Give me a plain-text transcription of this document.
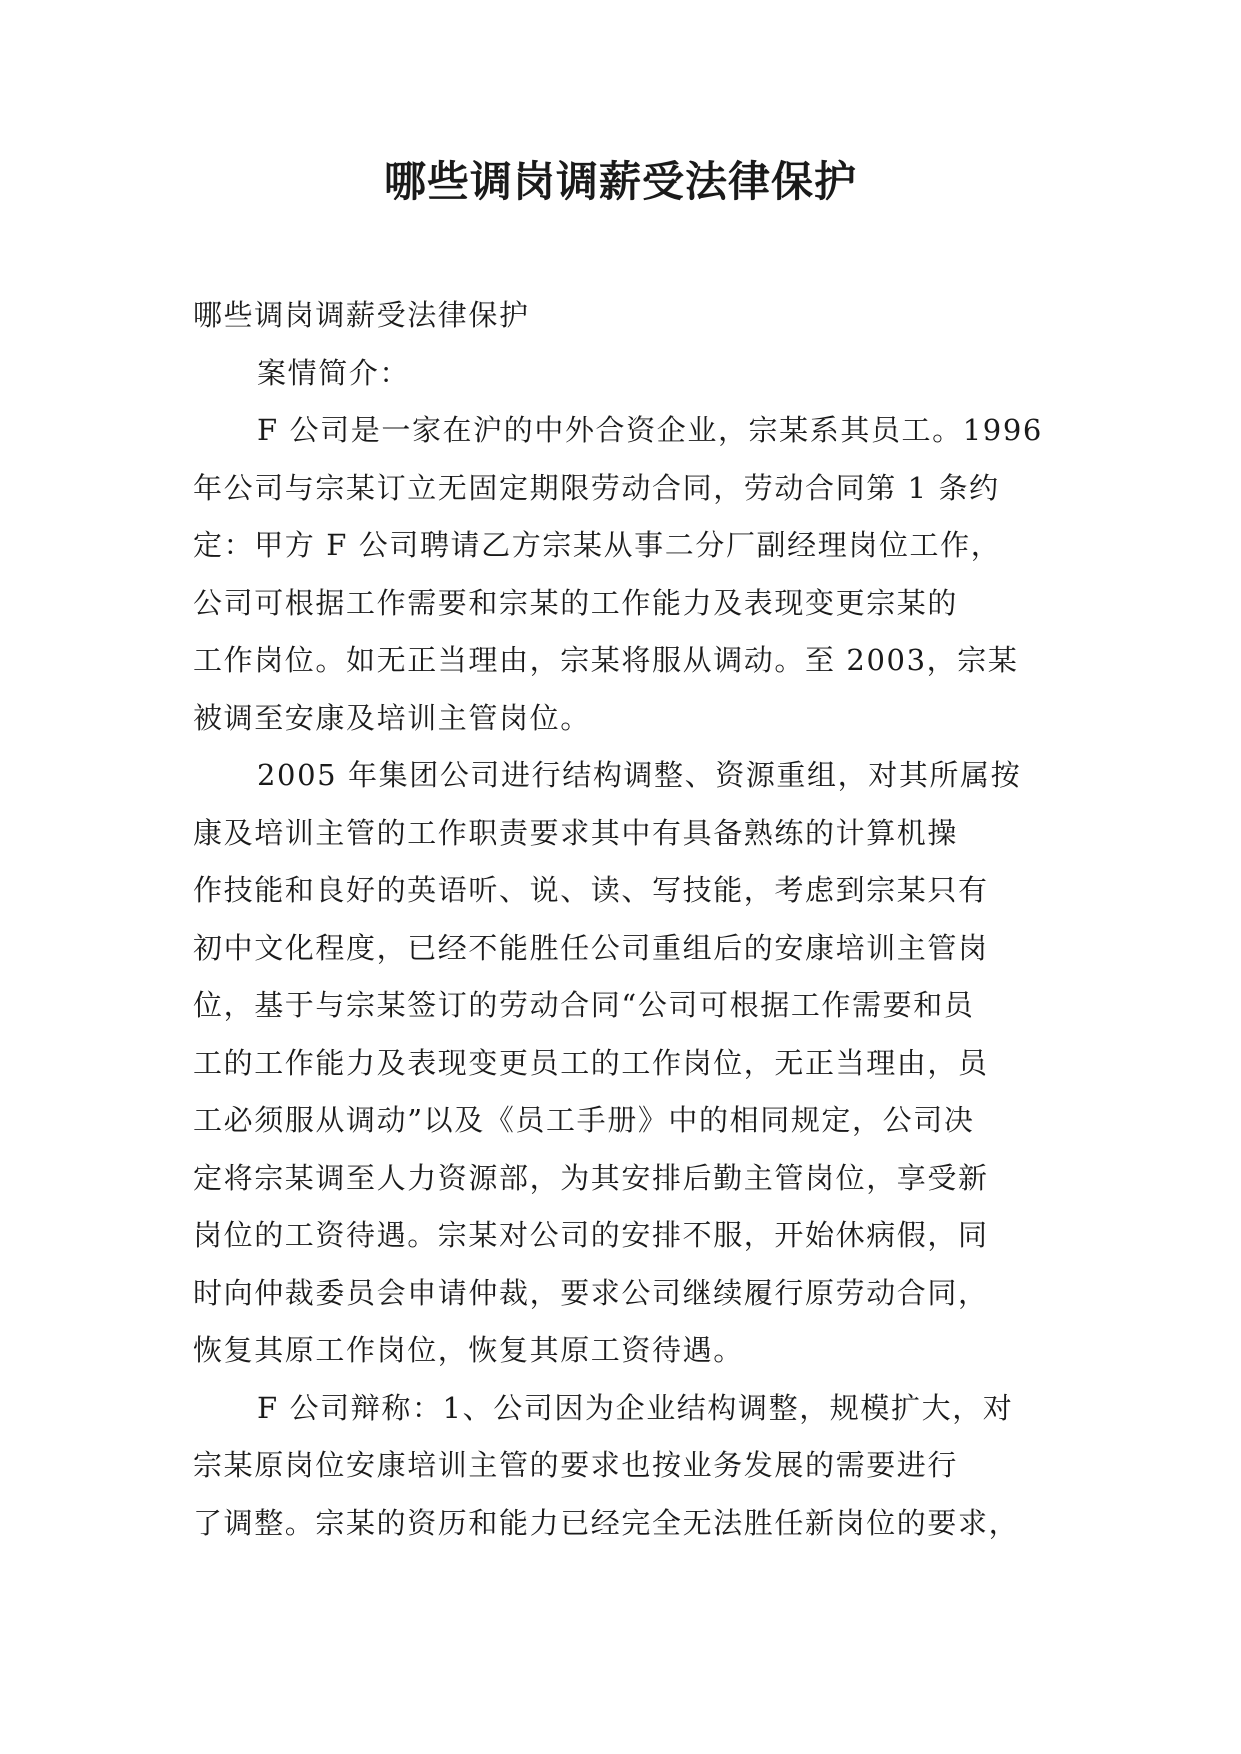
哪些调岗调薪受法律保护
哪些调岗调薪受法律保护
案情简介：
F 公司是一家在沪的中外合资企业，宗某系其员工。1996
年公司与宗某订立无固定期限劳动合同，劳动合同第 1 条约
定：甲方 F 公司聘请乙方宗某从事二分厂副经理岗位工作，
公司可根据工作需要和宗某的工作能力及表现变更宗某的
工作岗位。如无正当理由，宗某将服从调动。至 2003，宗某
被调至安康及培训主管岗位。
2005 年集团公司进行结构调整、资源重组，对其所属按
康及培训主管的工作职责要求其中有具备熟练的计算机操
作技能和良好的英语听、说、读、写技能，考虑到宗某只有
初中文化程度，已经不能胜任公司重组后的安康培训主管岗
位，基于与宗某签订的劳动合同“公司可根据工作需要和员
工的工作能力及表现变更员工的工作岗位，无正当理由，员
工必须服从调动”以及《员工手册》中的相同规定，公司决
定将宗某调至人力资源部，为其安排后勤主管岗位，享受新
岗位的工资待遇。宗某对公司的安排不服，开始休病假，同
时向仲裁委员会申请仲裁，要求公司继续履行原劳动合同，
恢复其原工作岗位，恢复其原工资待遇。
F 公司辩称：1、公司因为企业结构调整，规模扩大，对
宗某原岗位安康培训主管的要求也按业务发展的需要进行
了调整。宗某的资历和能力已经完全无法胜任新岗位的要求，
